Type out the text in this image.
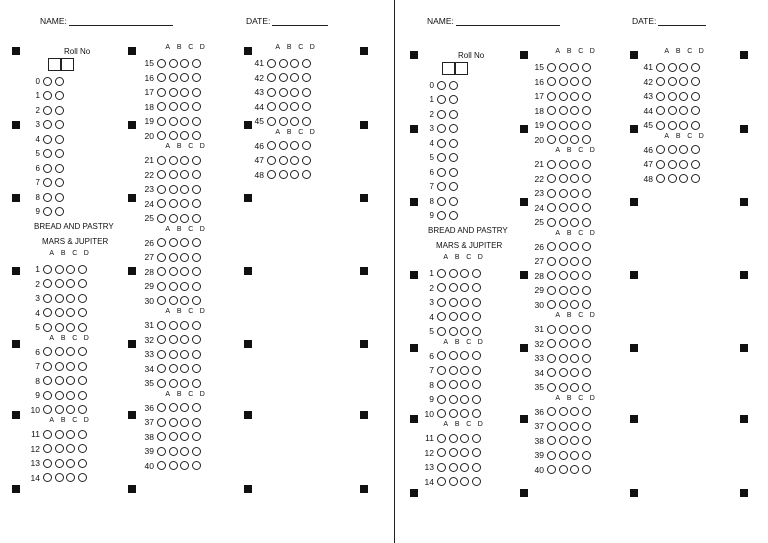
NAME:	DATE:
Roll No
0
1
2
3
4
5
6
7
8
9
BREAD AND PASTRY
MARS & JUPITER
A B C D
1
2
3
4
5
A B C D
6
7
8
9
10
A B C D
11
12
13
14
A B C D
15
16
17
18
19
20
A B C D
21
22
23
24
25
A B C D
26
27
28
29
30
A B C D
31
32
33
34
35
A B C D
36
37
38
39
40
A B C D
41
42
43
44
45
A B C D
46
47
48
NAME:	DATE:
Roll No
0
1
2
3
4
5
6
7
8
9
BREAD AND PASTRY
MARS & JUPITER
A B C D
1
2
3
4
5
A B C D
6
7
8
9
10
A B C D
11
12
13
14
A B C D
15
16
17
18
19
20
A B C D
21
22
23
24
25
A B C D
26
27
28
29
30
A B C D
31
32
33
34
35
A B C D
36
37
38
39
40
A B C D
41
42
43
44
45
A B C D
46
47
48
